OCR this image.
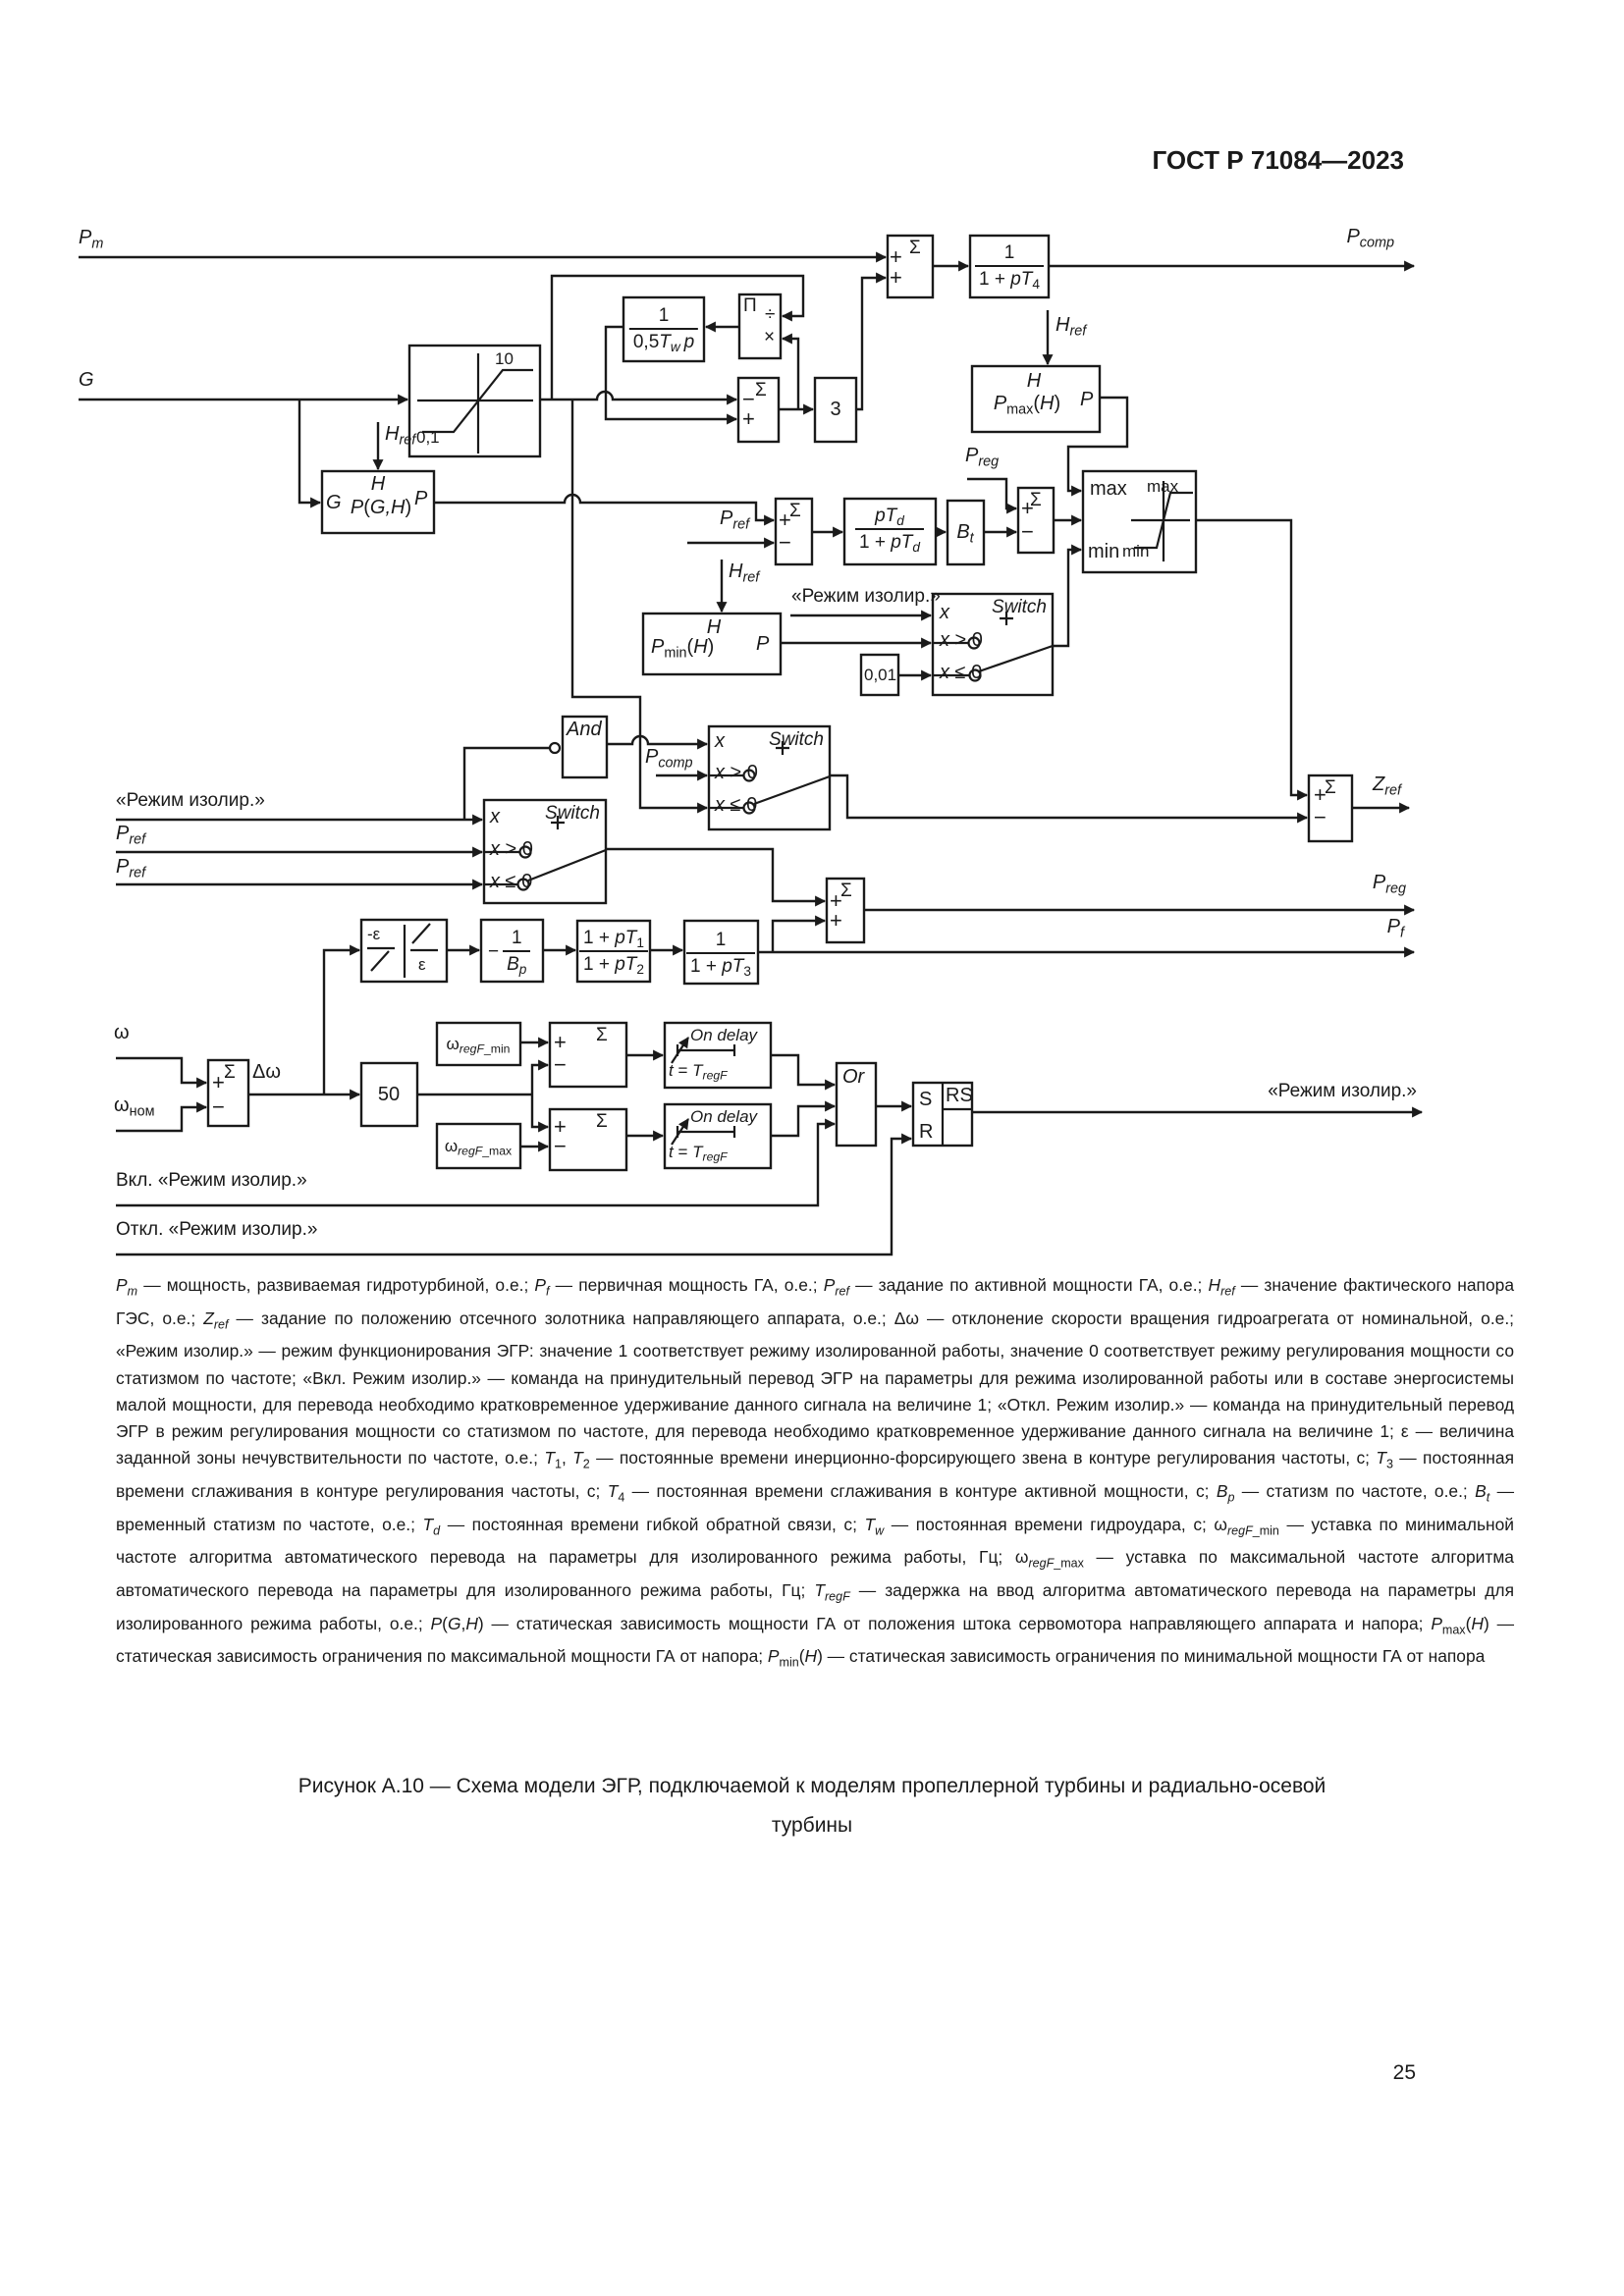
ГОСТ Р 71084—2023
$P_m$
G
«Режим изолир.»
$P_{ref}$
$P_{ref}$
ω
$\omega_{ном}$
Вкл. «Режим изолир.»
Откл. «Режим изолир.»
$P_{comp}$
$Z_{ref}$
$P_{reg}$
$P_f$
«Режим изолир.»
$H_{ref}$
$H_{ref}$
$H_{ref}$
$P_{reg}$
$P_{comp}$
«Режим изолир.»
$P_{ref}$
Δω
$\frac{1}{1 + pT_4}$
$\frac{1}{0,5T_w p}$
$pT_d$
$1 + pT_d$
$\frac{1 + pT_1}{1 + pT_2} \frac{1}{1 + pT_3}$
− $\frac{1}{B_p}$
Π ÷
×
3
50
0,01
10
0,1
H
G P(G,H) P
H
$P_{max}(H)$ P
H
$P_{min}(H)$ P
$B_t$
max
min
max
min
And
Or
S
R
RS
x Switch
x > 0
x ≤ 0
x Switch
x > 0
x ≤ 0
x Switch
x > 0
x ≤ 0
-ε
ε
$\omega_{regF\_min}$
$\omega_{regF\_max}$
On delay
$t = T_{regF}$
On delay
$t = T_{regF}$
Σ
+
+
Σ
−
+
Σ
+
−
Σ
+
−
Σ
+
−
Σ
+
+
Σ
+
−
Σ
+
−
Σ
+
−
$P_m$ — мощность, развиваемая гидротурбиной, о.е.; $P_f$ — первичная мощность ГА, о.е.; $P_{ref}$ — задание по активной мощности ГА, о.е.; $H_{ref}$ — значение фактического напора ГЭС, о.е.; $Z_{ref}$ — задание по положению отсечного золотника направляющего аппарата, о.е.; Δω — отклонение скорости вращения гидроагрегата от номинальной, о.е.; «Режим изолир.» — режим функционирования ЭГР: значение 1 соответствует режиму изолированной работы, значение 0 соответствует режиму регулирования мощности со статизмом по частоте; «Вкл. Режим изолир.» — команда на принудительный перевод ЭГР на параметры для режима изолированной работы или в составе энергосистемы малой мощности, для перевода необходимо кратковременное удерживание данного сигнала на величине 1; «Откл. Режим изолир.» — команда на принудительный перевод ЭГР в режим регулирования мощности со статизмом по частоте, для перевода необходимо кратковременное удерживание данного сигнала на величине 1; ε — величина заданной зоны нечувствительности по частоте, о.е.; $T_1$, $T_2$ — постоянные времени инерционно-форсирующего звена в контуре регулирования частоты, с; $T_3$ — постоянная времени сглаживания в контуре регулирования частоты, с; $T_4$ — постоянная времени сглаживания в контуре активной мощности, с; $B_p$ — статизм по частоте, о.е.; $B_t$ — временный статизм по частоте, о.е.; $T_d$ — постоянная времени гибкой обратной связи, с; $T_w$ — постоянная времени гидроудара, с; $\omega_{regF\_min}$ — уставка по минимальной частоте алгоритма автоматического перевода на параметры для изолированного режима работы, Гц; $\omega_{regF\_max}$ — уставка по максимальной частоте алгоритма автоматического перевода на параметры для изолированного режима работы, Гц; $T_{regF}$ — задержка на ввод алгоритма автоматического перевода на параметры для изолированного режима работы, о.е.; P(G,H) — статическая зависимость мощности ГА от положения штока сервомотора направляющего аппарата и напора; $P_{max}(H)$ — статическая зависимость ограничения по максимальной мощности ГА от напора; $P_{min}(H)$ — статическая зависимость ограничения по минимальной мощности ГА от напора
Рисунок А.10 — Схема модели ЭГР, подключаемой к моделям пропеллерной турбины и радиально-осевой турбины
25
